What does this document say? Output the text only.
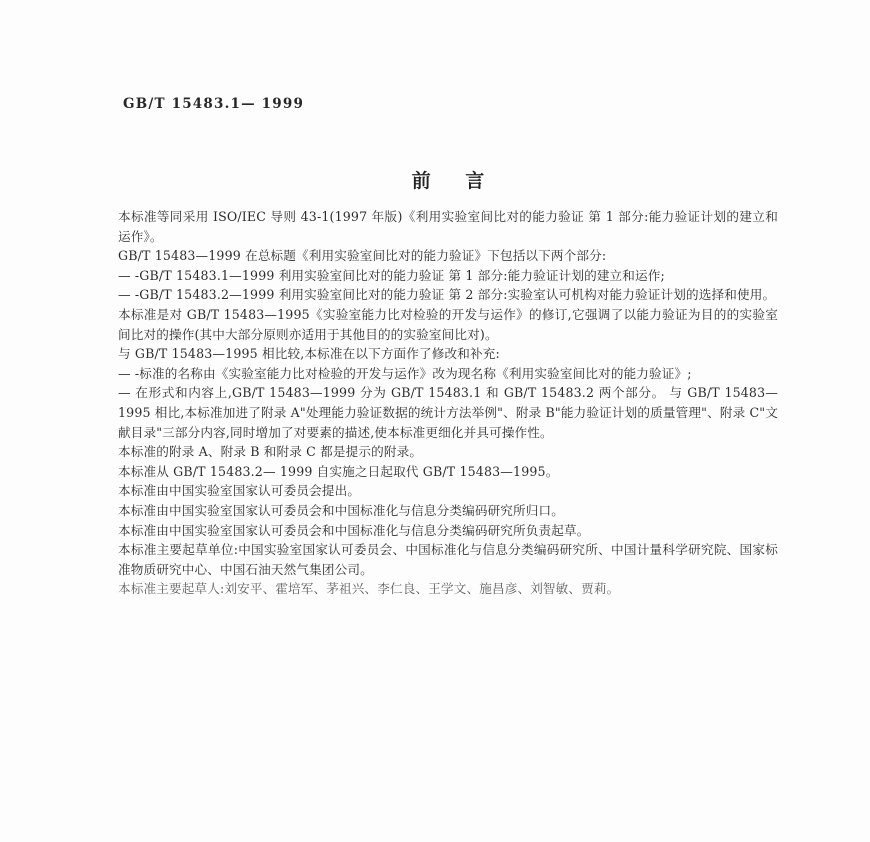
GB/T 15483.1— 1999
前 言

本标准等同采用 ISO/IEC 导则 43-1(1997 年版)《利用实验室间比对的能力验证 第 1 部分:能力验证计划的建立和运作》。

GB/T 15483—1999 在总标题《利用实验室间比对的能力验证》下包括以下两个部分:

— -GB/T 15483.1—1999 利用实验室间比对的能力验证 第 1 部分:能力验证计划的建立和运作;

— -GB/T 15483.2—1999 利用实验室间比对的能力验证 第 2 部分:实验室认可机构对能力验证计划的选择和使用。

本标准是对 GB/T 15483—1995《实验室能力比对检验的开发与运作》的修订,它强调了以能力验证为目的的实验室间比对的操作(其中大部分原则亦适用于其他目的的实验室间比对)。

与 GB/T 15483—1995 相比较,本标准在以下方面作了修改和补充:

— -标准的名称由《实验室能力比对检验的开发与运作》改为现名称《利用实验室间比对的能力验证》;

— 在形式和内容上,GB/T 15483—1999 分为 GB/T 15483.1 和 GB/T 15483.2 两个部分。 与 GB/T 15483—1995 相比,本标准加进了附录 A"处理能力验证数据的统计方法举例"、附录 B"能力验证计划的质量管理"、附录 C"文献目录"三部分内容,同时增加了对要素的描述,使本标准更细化并具可操作性。

本标准的附录 A、附录 B 和附录 C 都是提示的附录。

本标准从 GB/T 15483.2— 1999 自实施之日起取代 GB/T 15483—1995。

本标准由中国实验室国家认可委员会提出。

本标准由中国实验室国家认可委员会和中国标准化与信息分类编码研究所归口。

本标准由中国实验室国家认可委员会和中国标准化与信息分类编码研究所负责起草。

本标准主要起草单位:中国实验室国家认可委员会、中国标准化与信息分类编码研究所、中国计量科学研究院、国家标准物质研究中心、中国石油天然气集团公司。

本标准主要起草人:刘安平、霍培军、茅祖兴、李仁良、王学文、施昌彦、刘智敏、贾莉。
